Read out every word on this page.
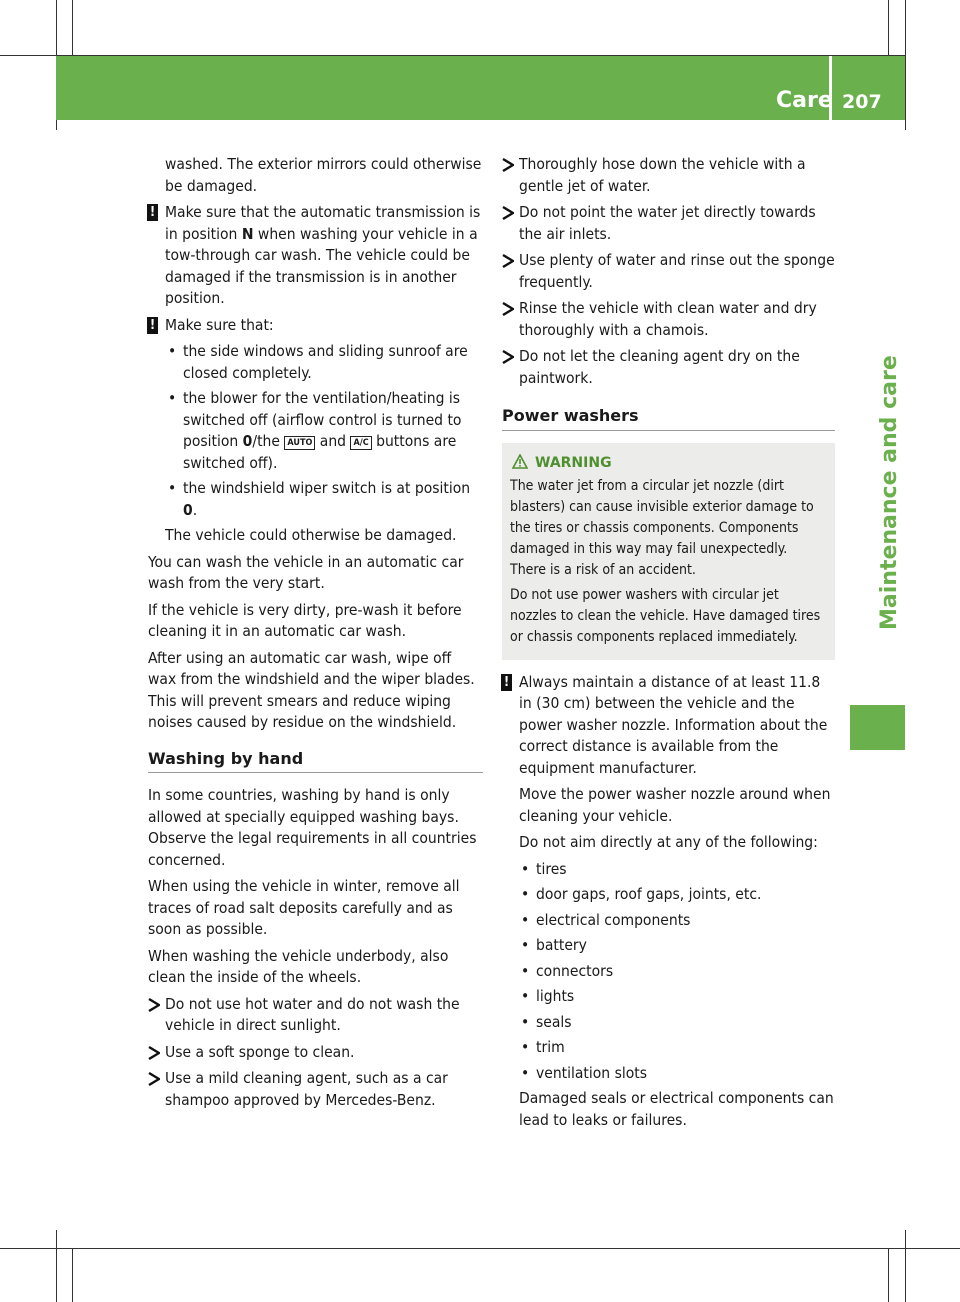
Care 207
Maintenance and care

washed. The exterior mirrors could otherwise be damaged.

! Make sure that the automatic transmission is in position N when washing your vehicle in a tow-through car wash. The vehicle could be damaged if the transmission is in another position.
! Make sure that:
• the side windows and sliding sunroof are closed completely.
• the blower for the ventilation/heating is switched off (airflow control is turned to position 0/the AUTO and A/C buttons are switched off).
• the windshield wiper switch is at position 0.

The vehicle could otherwise be damaged.

You can wash the vehicle in an automatic car wash from the very start.

If the vehicle is very dirty, pre-wash it before cleaning it in an automatic car wash.

After using an automatic car wash, wipe off wax from the windshield and the wiper blades. This will prevent smears and reduce wiping noises caused by residue on the windshield.

Washing by hand

In some countries, washing by hand is only allowed at specially equipped washing bays. Observe the legal requirements in all countries concerned.

When using the vehicle in winter, remove all traces of road salt deposits carefully and as soon as possible.

When washing the vehicle underbody, also clean the inside of the wheels.

Do not use hot water and do not wash the vehicle in direct sunlight.
Use a soft sponge to clean.
Use a mild cleaning agent, such as a car shampoo approved by Mercedes-Benz.
Thoroughly hose down the vehicle with a gentle jet of water.
Do not point the water jet directly towards the air inlets.
Use plenty of water and rinse out the sponge frequently.
Rinse the vehicle with clean water and dry thoroughly with a chamois.
Do not let the cleaning agent dry on the paintwork.
Power washers
WARNING

The water jet from a circular jet nozzle (dirt blasters) can cause invisible exterior damage to the tires or chassis components. Components damaged in this way may fail unexpectedly. There is a risk of an accident.

Do not use power washers with circular jet nozzles to clean the vehicle. Have damaged tires or chassis components replaced immediately.

! Always maintain a distance of at least 11.8 in (30 cm) between the vehicle and the power washer nozzle. Information about the correct distance is available from the equipment manufacturer.

Move the power washer nozzle around when cleaning your vehicle.

Do not aim directly at any of the following:

• tires
• door gaps, roof gaps, joints, etc.
• electrical components
• battery
• connectors
• lights
• seals
• trim
• ventilation slots

Damaged seals or electrical components can lead to leaks or failures.
